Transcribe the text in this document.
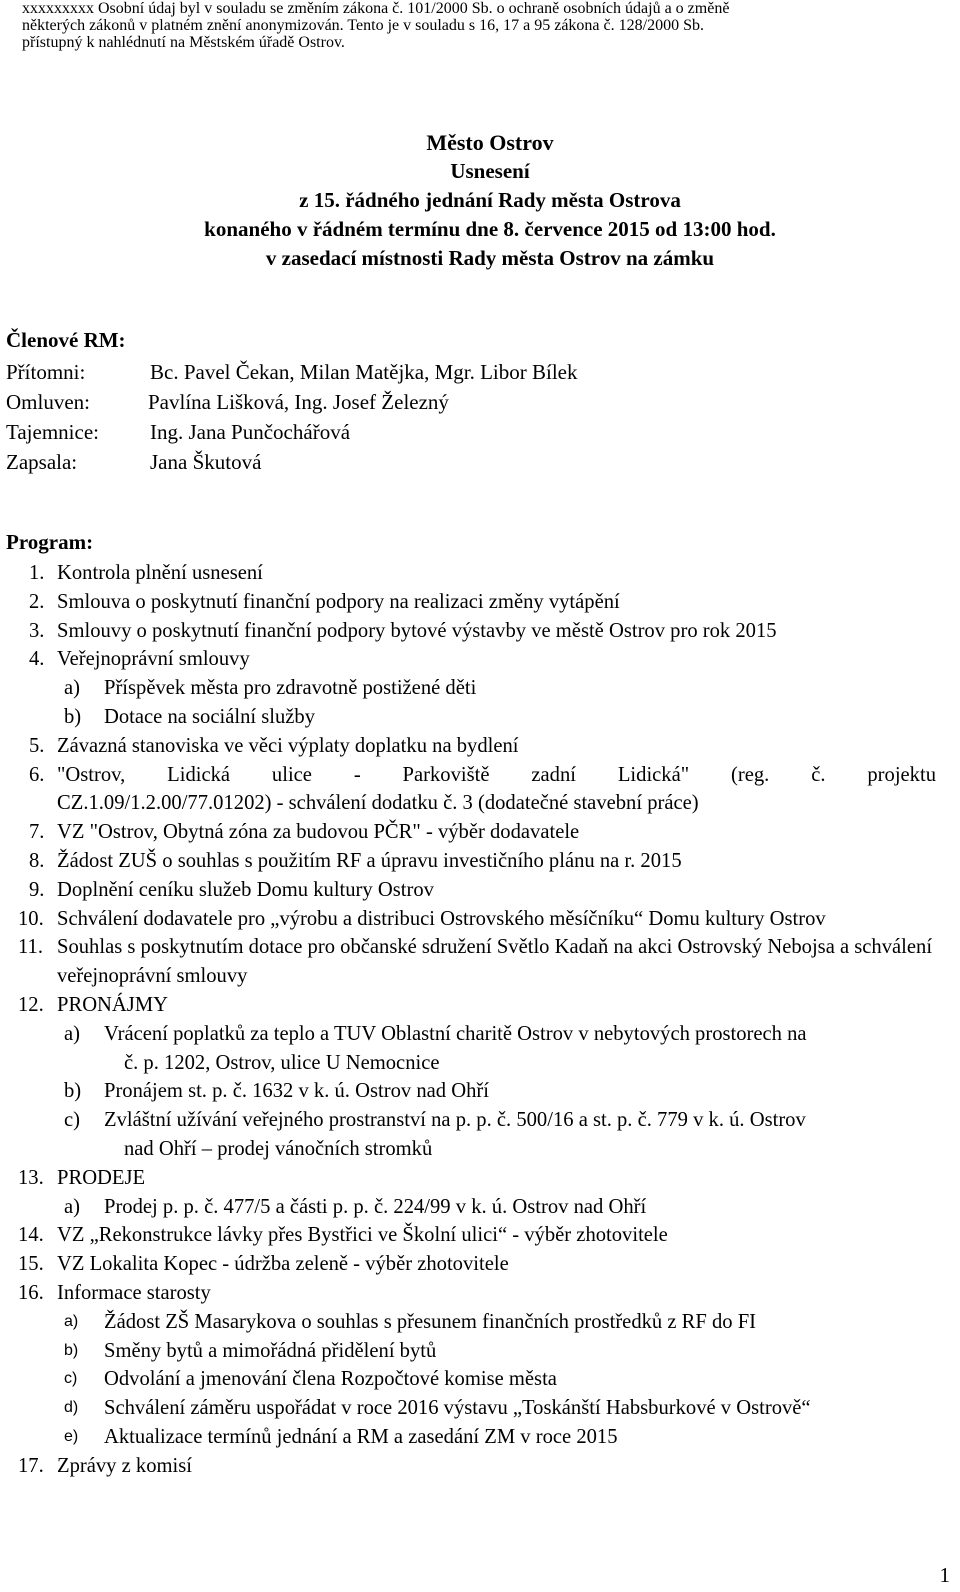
xxxxxxxxx Osobní údaj byl v souladu se změním zákona č. 101/2000 Sb. o ochraně osobních údajů a o změně
některých zákonů v platném znění anonymizován. Tento je v souladu s 16, 17 a 95 zákona č. 128/2000 Sb.
přístupný k nahlédnutí na Městském úřadě Ostrov.
Město Ostrov
Usnesení
z 15. řádného jednání Rady města Ostrova
konaného v řádném termínu dne 8. července 2015 od 13:00 hod.
v zasedací místnosti Rady města Ostrov na zámku
Členové RM:
Přítomni:	Bc. Pavel Čekan, Milan Matějka, Mgr. Libor Bílek
Omluven:	Pavlína Lišková, Ing. Josef Železný
Tajemnice: Ing. Jana Punčochářová
Zapsala:	Jana Škutová
Program:
1. Kontrola plnění usnesení
2. Smlouva o poskytnutí finanční podpory na realizaci změny vytápění
3. Smlouvy o poskytnutí finanční podpory bytové výstavby ve městě Ostrov pro rok 2015
4. Veřejnoprávní smlouvy
a) Příspěvek města pro zdravotně postižené děti
b) Dotace na sociální služby
5. Závazná stanoviska ve věci výplaty doplatku na bydlení
6. "Ostrov, Lidická ulice - Parkoviště zadní Lidická" (reg. č. projektu
CZ.1.09/1.2.00/77.01202) - schválení dodatku č. 3 (dodatečné stavební práce)
7. VZ "Ostrov, Obytná zóna za budovou PČR" - výběr dodavatele
8. Žádost ZUŠ o souhlas s použitím RF a úpravu investičního plánu na r. 2015
9. Doplnění ceníku služeb Domu kultury Ostrov
10. Schválení dodavatele pro „výrobu a distribuci Ostrovského měsíčníku“ Domu kultury Ostrov
11. Souhlas s poskytnutím dotace pro občanské sdružení Světlo Kadaň na akci Ostrovský Nebojsa a schválení veřejnoprávní smlouvy
12. PRONÁJMY
a) Vrácení poplatků za teplo a TUV Oblastní charitě Ostrov v nebytových prostorech na
č. p. 1202, Ostrov, ulice U Nemocnice
b) Pronájem st. p. č. 1632 v k. ú. Ostrov nad Ohří
c) Zvláštní užívání veřejného prostranství na p. p. č. 500/16 a st. p. č. 779 v k. ú. Ostrov
nad Ohří – prodej vánočních stromků
13. PRODEJE
a) Prodej p. p. č. 477/5 a části p. p. č. 224/99 v k. ú. Ostrov nad Ohří
14. VZ „Rekonstrukce lávky přes Bystřici ve Školní ulici“ - výběr zhotovitele
15. VZ Lokalita Kopec - údržba zeleně - výběr zhotovitele
16. Informace starosty
a) Žádost ZŠ Masarykova o souhlas s přesunem finančních prostředků z RF do FI
b) Směny bytů a mimořádná přidělení bytů
c) Odvolání a jmenování člena Rozpočtové komise města
d) Schválení záměru uspořádat v roce 2016 výstavu „Toskánští Habsburkové v Ostrově“
e) Aktualizace termínů jednání a RM a zasedání ZM v roce 2015
17. Zprávy z komisí
1
